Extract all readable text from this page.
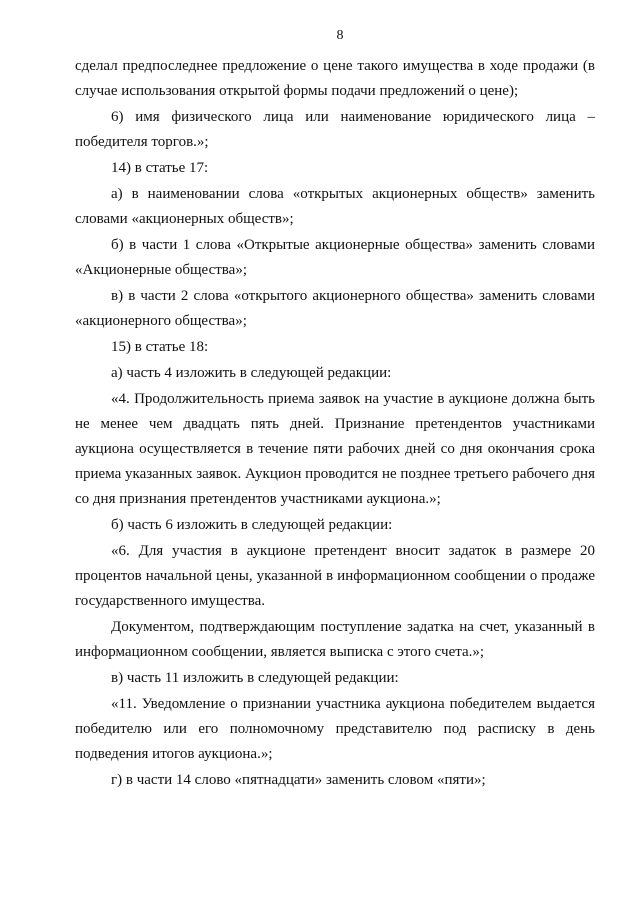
8

сделал предпоследнее предложение о цене такого имущества в ходе продажи (в случае использования открытой формы подачи предложений о цене);

6) имя физического лица или наименование юридического лица – победителя торгов.»;

14) в статье 17:

а) в наименовании слова «открытых акционерных обществ» заменить словами «акционерных обществ»;

б) в части 1 слова «Открытые акционерные общества» заменить словами «Акционерные общества»;

в) в части 2 слова «открытого акционерного общества» заменить словами «акционерного общества»;

15) в статье 18:

а) часть 4 изложить в следующей редакции:

«4. Продолжительность приема заявок на участие в аукционе должна быть не менее чем двадцать пять дней. Признание претендентов участниками аукциона осуществляется в течение пяти рабочих дней со дня окончания срока приема указанных заявок. Аукцион проводится не позднее третьего рабочего дня со дня признания претендентов участниками аукциона.»;

б) часть 6 изложить в следующей редакции:

«6. Для участия в аукционе претендент вносит задаток в размере 20 процентов начальной цены, указанной в информационном сообщении о продаже государственного имущества.

Документом, подтверждающим поступление задатка на счет, указанный в информационном сообщении, является выписка с этого счета.»;

в) часть 11 изложить в следующей редакции:

«11. Уведомление о признании участника аукциона победителем выдается победителю или его полномочному представителю под расписку в день подведения итогов аукциона.»;

г) в части 14 слово «пятнадцати» заменить словом «пяти»;
